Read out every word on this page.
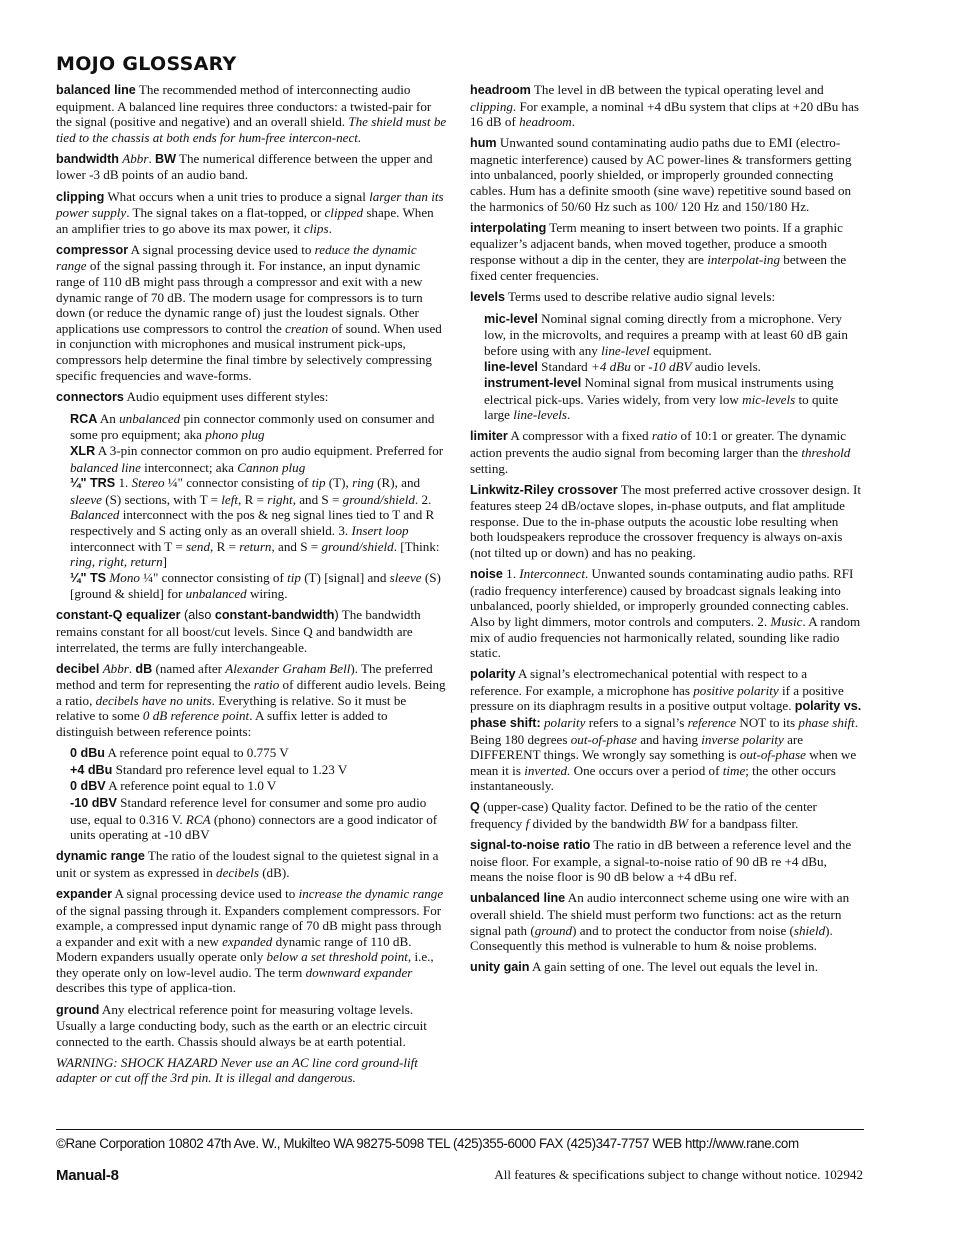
MOJO GLOSSARY

balanced line The recommended method of interconnecting audio equipment. A balanced line requires three conductors: a twisted-pair for the signal (positive and negative) and an overall shield. The shield must be tied to the chassis at both ends for hum-free intercon-nect.

bandwidth Abbr. BW The numerical difference between the upper and lower -3 dB points of an audio band.

clipping What occurs when a unit tries to produce a signal larger than its power supply. The signal takes on a flat-topped, or clipped shape. When an amplifier tries to go above its max power, it clips.

compressor A signal processing device used to reduce the dynamic range of the signal passing through it. For instance, an input dynamic range of 110 dB might pass through a compressor and exit with a new dynamic range of 70 dB. The modern usage for compressors is to turn down (or reduce the dynamic range of) just the loudest signals. Other applications use compressors to control the creation of sound. When used in conjunction with microphones and musical instrument pick-ups, compressors help determine the final timbre by selectively compressing specific frequencies and wave-forms.

connectors Audio equipment uses different styles:

RCA An unbalanced pin connector commonly used on consumer and some pro equipment; aka phono plug

XLR A 3-pin connector common on pro audio equipment. Preferred for balanced line interconnect; aka Cannon plug

¼" TRS 1. Stereo ¼" connector consisting of tip (T), ring (R), and sleeve (S) sections, with T = left, R = right, and S = ground/shield. 2. Balanced interconnect with the pos & neg signal lines tied to T and R respectively and S acting only as an overall shield. 3. Insert loop interconnect with T = send, R = return, and S = ground/shield. [Think: ring, right, return]

¼" TS Mono ¼" connector consisting of tip (T) [signal] and sleeve (S) [ground & shield] for unbalanced wiring.

constant-Q equalizer (also constant-bandwidth) The bandwidth remains constant for all boost/cut levels. Since Q and bandwidth are interrelated, the terms are fully interchangeable.

decibel Abbr. dB (named after Alexander Graham Bell). The preferred method and term for representing the ratio of different audio levels. Being a ratio, decibels have no units. Everything is relative. So it must be relative to some 0 dB reference point. A suffix letter is added to distinguish between reference points:

0 dBu A reference point equal to 0.775 V

+4 dBu Standard pro reference level equal to 1.23 V

0 dBV A reference point equal to 1.0 V

-10 dBV Standard reference level for consumer and some pro audio use, equal to 0.316 V. RCA (phono) connectors are a good indicator of units operating at -10 dBV

dynamic range The ratio of the loudest signal to the quietest signal in a unit or system as expressed in decibels (dB).

expander A signal processing device used to increase the dynamic range of the signal passing through it. Expanders complement compressors. For example, a compressed input dynamic range of 70 dB might pass through a expander and exit with a new expanded dynamic range of 110 dB. Modern expanders usually operate only below a set threshold point, i.e., they operate only on low-level audio. The term downward expander describes this type of applica-tion.

ground Any electrical reference point for measuring voltage levels. Usually a large conducting body, such as the earth or an electric circuit connected to the earth. Chassis should always be at earth potential.

WARNING: SHOCK HAZARD Never use an AC line cord ground-lift adapter or cut off the 3rd pin. It is illegal and dangerous.

headroom The level in dB between the typical operating level and clipping. For example, a nominal +4 dBu system that clips at +20 dBu has 16 dB of headroom.

hum Unwanted sound contaminating audio paths due to EMI (electro-magnetic interference) caused by AC power-lines & transformers getting into unbalanced, poorly shielded, or improperly grounded connecting cables. Hum has a definite smooth (sine wave) repetitive sound based on the harmonics of 50/60 Hz such as 100/ 120 Hz and 150/180 Hz.

interpolating Term meaning to insert between two points. If a graphic equalizer’s adjacent bands, when moved together, produce a smooth response without a dip in the center, they are interpolat-ing between the fixed center frequencies.

levels Terms used to describe relative audio signal levels:

mic-level Nominal signal coming directly from a microphone. Very low, in the microvolts, and requires a preamp with at least 60 dB gain before using with any line-level equipment.

line-level Standard +4 dBu or -10 dBV audio levels.

instrument-level Nominal signal from musical instruments using electrical pick-ups. Varies widely, from very low mic-levels to quite large line-levels.

limiter A compressor with a fixed ratio of 10:1 or greater. The dynamic action prevents the audio signal from becoming larger than the threshold setting.

Linkwitz-Riley crossover The most preferred active crossover design. It features steep 24 dB/octave slopes, in-phase outputs, and flat amplitude response. Due to the in-phase outputs the acoustic lobe resulting when both loudspeakers reproduce the crossover frequency is always on-axis (not tilted up or down) and has no peaking.

noise 1. Interconnect. Unwanted sounds contaminating audio paths. RFI (radio frequency interference) caused by broadcast signals leaking into unbalanced, poorly shielded, or improperly grounded connecting cables. Also by light dimmers, motor controls and computers. 2. Music. A random mix of audio frequencies not harmonically related, sounding like radio static.

polarity A signal’s electromechanical potential with respect to a reference. For example, a microphone has positive polarity if a positive pressure on its diaphragm results in a positive output voltage. polarity vs. phase shift: polarity refers to a signal’s reference NOT to its phase shift. Being 180 degrees out-of-phase and having inverse polarity are DIFFERENT things. We wrongly say something is out-of-phase when we mean it is inverted. One occurs over a period of time; the other occurs instantaneously.

Q (upper-case) Quality factor. Defined to be the ratio of the center frequency f divided by the bandwidth BW for a bandpass filter.

signal-to-noise ratio The ratio in dB between a reference level and the noise floor. For example, a signal-to-noise ratio of 90 dB re +4 dBu, means the noise floor is 90 dB below a +4 dBu ref.

unbalanced line An audio interconnect scheme using one wire with an overall shield. The shield must perform two functions: act as the return signal path (ground) and to protect the conductor from noise (shield). Consequently this method is vulnerable to hum & noise problems.

unity gain A gain setting of one. The level out equals the level in.

©Rane Corporation 10802 47th Ave. W., Mukilteo WA 98275-5098 TEL (425)355-6000 FAX (425)347-7757 WEB http://www.rane.com
Manual-8	All features & specifications subject to change without notice. 102942
